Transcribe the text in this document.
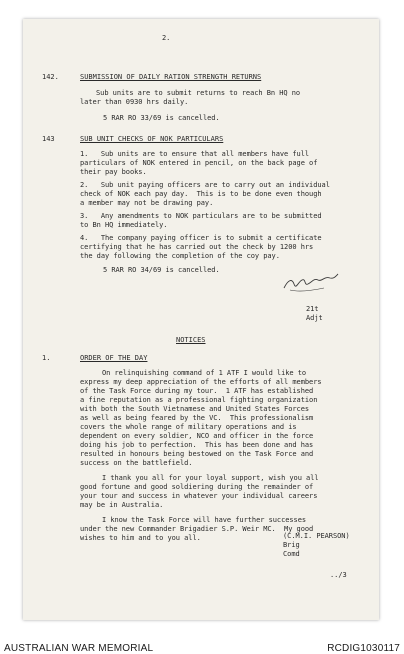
2.
142.	SUBMISSION OF DAILY RATION STRENGTH RETURNS
Sub units are to submit returns to reach Bn HQ no
later than 0930 hrs daily.
5 RAR RO 33/69 is cancelled.
143	SUB UNIT CHECKS OF NOK PARTICULARS
1.   Sub units are to ensure that all members have full
particulars of NOK entered in pencil, on the back page of
their pay books.
2.   Sub unit paying officers are to carry out an individual
check of NOK each pay day.  This is to be done even though
a member may not be drawing pay.
3.   Any amendments to NOK particulars are to be submitted
to Bn HQ immediately.
4.   The company paying officer is to submit a certificate
certifying that he has carried out the check by 1200 hrs
the day following the completion of the coy pay.
5 RAR RO 34/69 is cancelled.
21t
Adjt
NOTICES
1.	ORDER OF THE DAY
On relinquishing command of 1 ATF I would like to
express my deep appreciation of the efforts of all members
of the Task Force during my tour.  1 ATF has established
a fine reputation as a professional fighting organization
with both the South Vietnamese and United States Forces
as well as being feared by the VC.  This professionalism
covers the whole range of military operations and is
dependent on every soldier, NCO and officer in the force
doing his job to perfection.  This has been done and has
resulted in honours being bestowed on the Task Force and
success on the battlefield.
I thank you all for your loyal support, wish you all
good fortune and good soldiering during the remainder of
your tour and success in whatever your individual careers
may be in Australia.
I know the Task Force will have further successes
under the new Commander Brigadier S.P. Weir MC.  My good
wishes to him and to you all.	(C.M.I. PEARSON)
Brig
Comd
../3
AUSTRALIAN WAR MEMORIAL	RCDIG1030117
